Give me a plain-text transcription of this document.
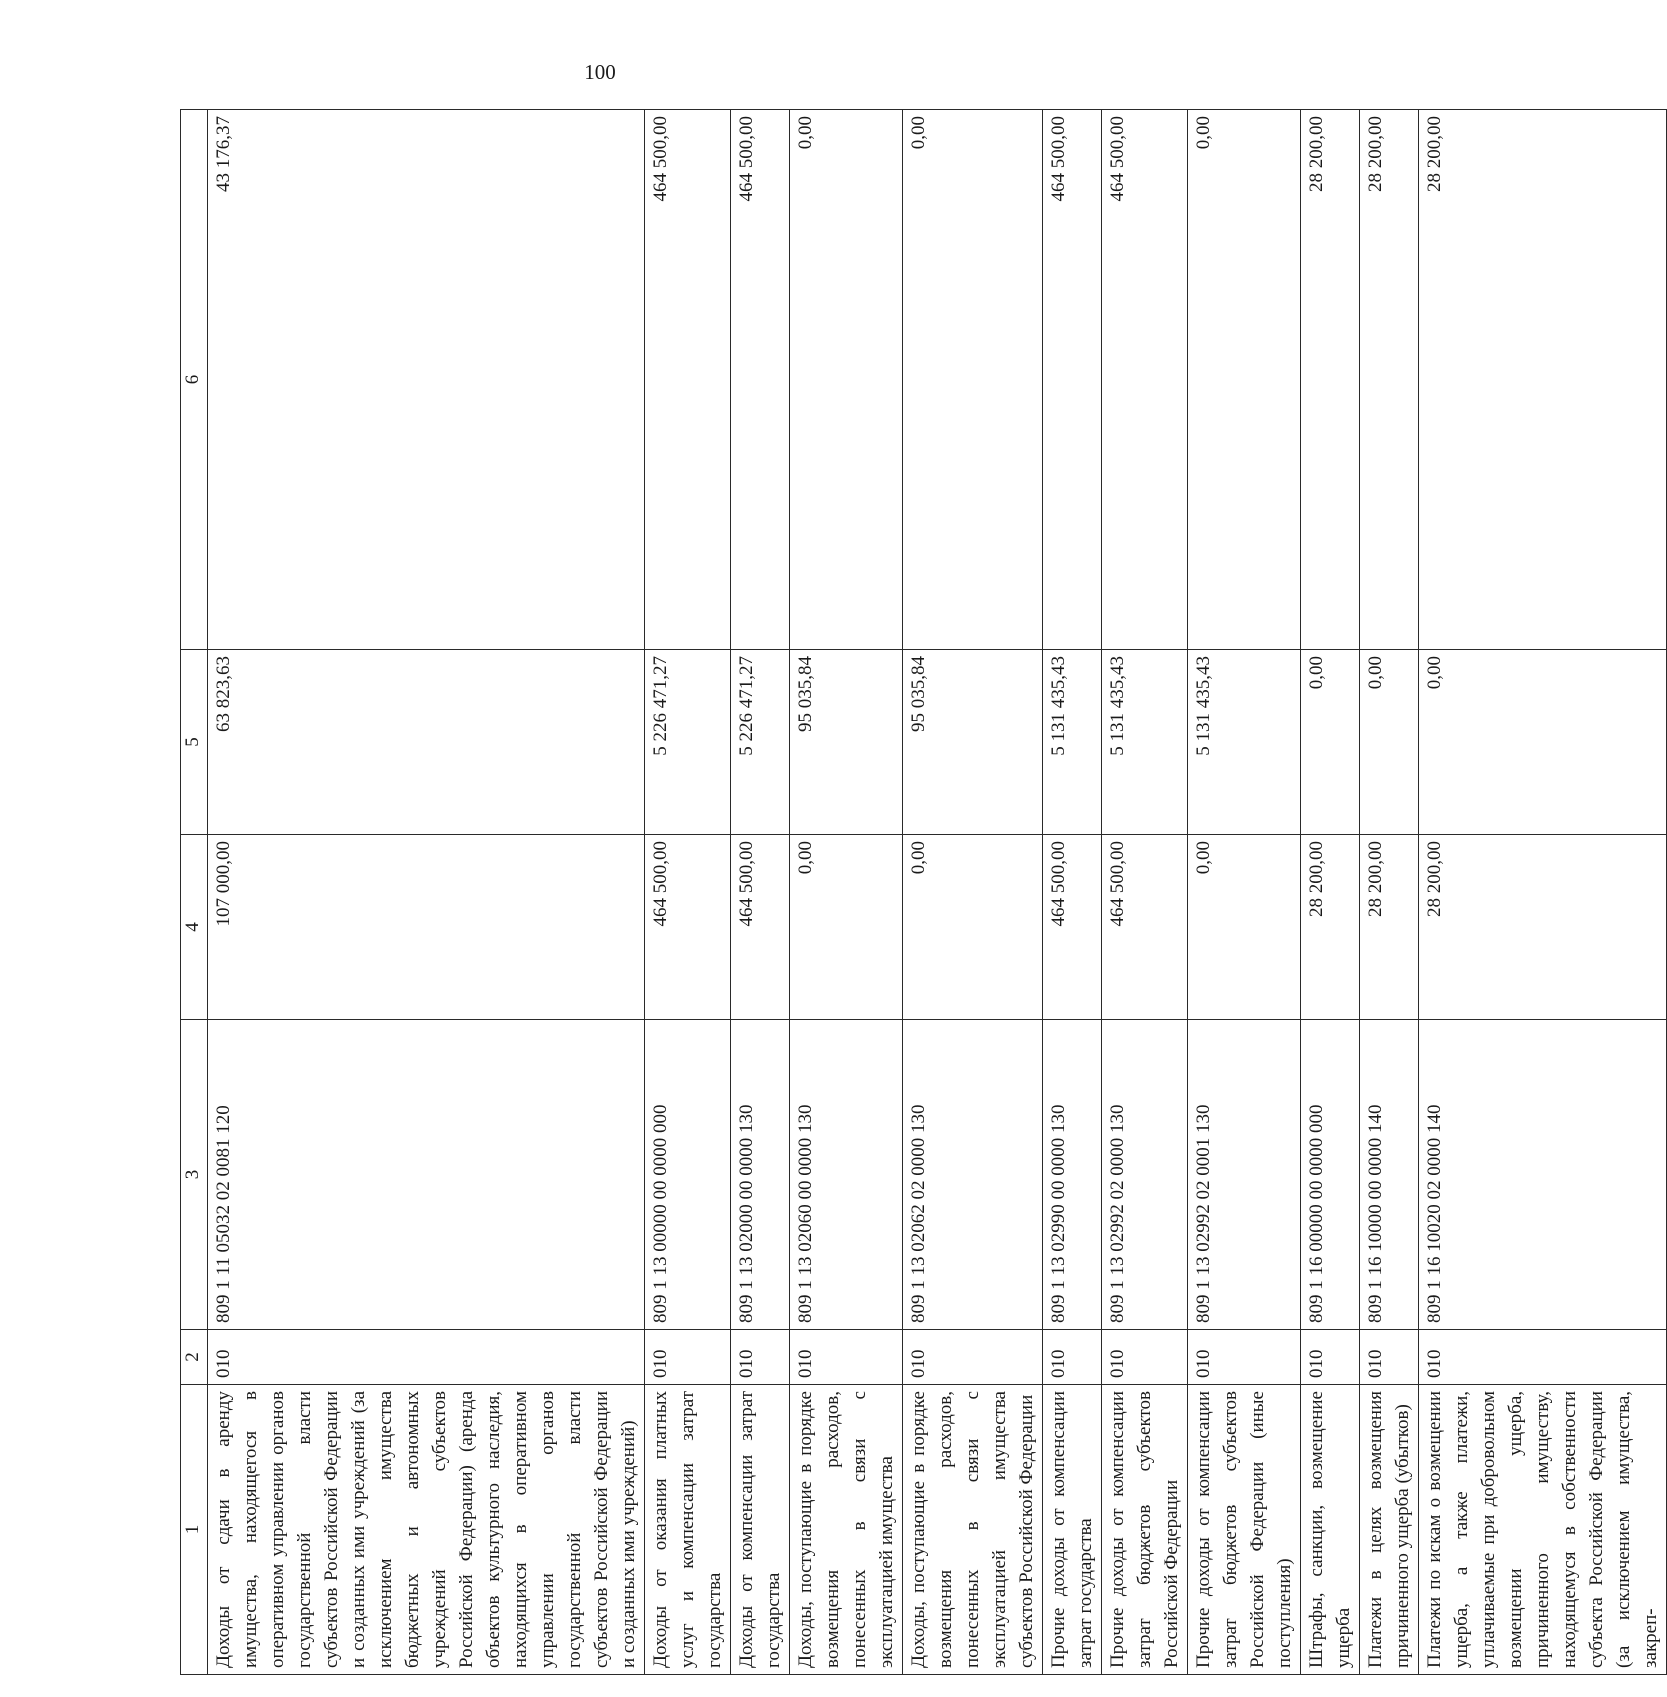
100
1	2	3	4	5	6
Доходы от сдачи в аренду имущества, находящегося в оперативном управлении органов государственной власти субъектов Российской Федерации и созданных ими учреждений (за исключением имущества бюджетных и автономных учреждений субъектов Российской Федерации) (аренда объектов культурного наследия, находящихся в оперативном управлении органов государственной власти субъектов Российской Федерации и созданных ими учреждений)	010	809 1 11 05032 02 0081 120	107 000,00	63 823,63	43 176,37
Доходы от оказания платных услуг и компенсации затрат государства	010	809 1 13 00000 00 0000 000	464 500,00	5 226 471,27	464 500,00
Доходы от компенсации затрат государства	010	809 1 13 02000 00 0000 130	464 500,00	5 226 471,27	464 500,00
Доходы, поступающие в порядке возмещения расходов, понесенных в связи с эксплуатацией имущества	010	809 1 13 02060 00 0000 130	0,00	95 035,84	0,00
Доходы, поступающие в порядке возмещения расходов, понесенных в связи с эксплуатацией имущества субъектов Российской Федерации	010	809 1 13 02062 02 0000 130	0,00	95 035,84	0,00
Прочие доходы от компенсации затрат государства	010	809 1 13 02990 00 0000 130	464 500,00	5 131 435,43	464 500,00
Прочие доходы от компенсации затрат бюджетов субъектов Российской Федерации	010	809 1 13 02992 02 0000 130	464 500,00	5 131 435,43	464 500,00
Прочие доходы от компенсации затрат бюджетов субъектов Российской Федерации (иные поступления)	010	809 1 13 02992 02 0001 130	0,00	5 131 435,43	0,00
Штрафы, санкции, возмещение ущерба	010	809 1 16 00000 00 0000 000	28 200,00	0,00	28 200,00
Платежи в целях возмещения причиненного ущерба (убытков)	010	809 1 16 10000 00 0000 140	28 200,00	0,00	28 200,00
Платежи по искам о возмещении ущерба, а также платежи, уплачиваемые при добровольном возмещении ущерба, причиненного имуществу, находящемуся в собственности субъекта Российской Федерации (за исключением имущества, закреп-	010	809 1 16 10020 02 0000 140	28 200,00	0,00	28 200,00
